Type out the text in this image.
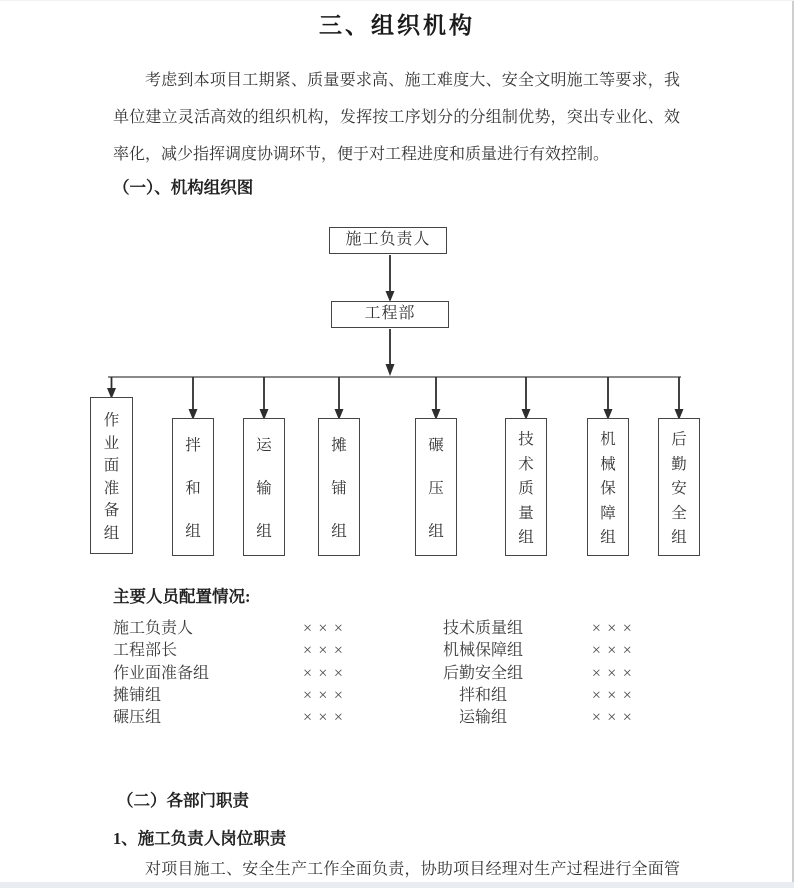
三、组织机构
考虑到本项目工期紧、质量要求高、施工难度大、安全文明施工等要求，我
单位建立灵活高效的组织机构，发挥按工序划分的分组制优势，突出专业化、效
率化，减少指挥调度协调环节，便于对工程进度和质量进行有效控制。
（一）、机构组织图
施工负责人
工程部
作
业
面
准
备
组
拌
和
组
运
输
组
摊
铺
组
碾
压
组
技
术
质
量
组
机
械
保
障
组
后
勤
安
全
组
主要人员配置情况:
施工负责人	×××	技术质量组	×××
工程部长	×××	机械保障组	×××
作业面准备组	×××	后勤安全组	×××
摊铺组	×××	拌和组	×××
碾压组	×××	运输组	×××
（二）各部门职责
1、施工负责人岗位职责
对项目施工、安全生产工作全面负责，协助项目经理对生产过程进行全面管
